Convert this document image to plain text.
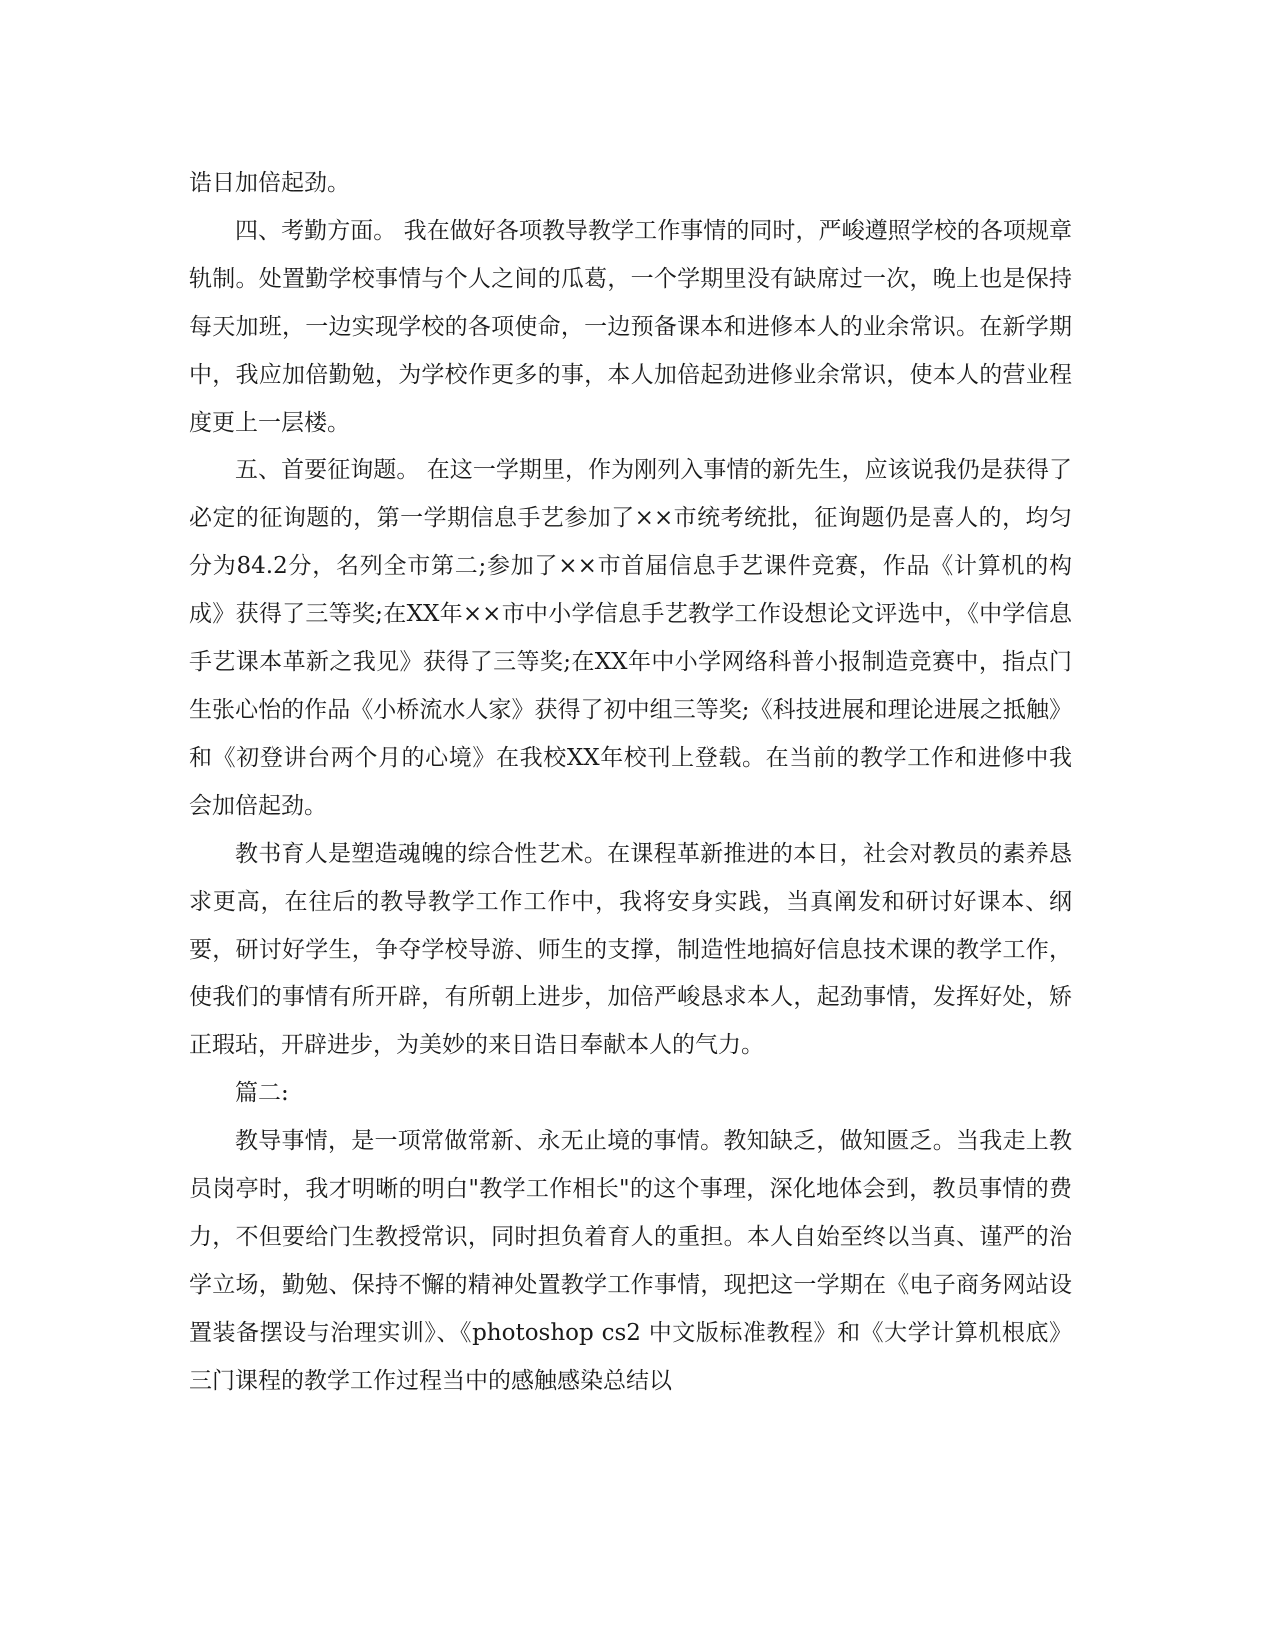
诰日加倍起劲。

四、考勤方面。 我在做好各项教导教学工作事情的同时，严峻遵照学校的各项规章轨制。处置勤学校事情与个人之间的瓜葛，一个学期里没有缺席过一次，晚上也是保持每天加班，一边实现学校的各项使命，一边预备课本和进修本人的业余常识。在新学期中，我应加倍勤勉，为学校作更多的事，本人加倍起劲进修业余常识，使本人的营业程度更上一层楼。

五、首要征询题。 在这一学期里，作为刚列入事情的新先生，应该说我仍是获得了必定的征询题的，第一学期信息手艺参加了××市统考统批，征询题仍是喜人的，均匀分为84.2分，名列全市第二;参加了××市首届信息手艺课件竞赛，作品《计算机的构成》获得了三等奖;在XX年××市中小学信息手艺教学工作设想论文评选中，《中学信息手艺课本革新之我见》获得了三等奖;在XX年中小学网络科普小报制造竞赛中，指点门生张心怡的作品《小桥流水人家》获得了初中组三等奖;《科技进展和理论进展之抵触》和《初登讲台两个月的心境》在我校XX年校刊上登载。在当前的教学工作和进修中我会加倍起劲。

教书育人是塑造魂魄的综合性艺术。在课程革新推进的本日，社会对教员的素养恳求更高，在往后的教导教学工作工作中，我将安身实践，当真阐发和研讨好课本、纲要，研讨好学生，争夺学校导游、师生的支撑，制造性地搞好信息技术课的教学工作，使我们的事情有所开辟，有所朝上进步，加倍严峻恳求本人，起劲事情，发挥好处，矫正瑕玷，开辟进步，为美妙的来日诰日奉献本人的气力。

篇二:

教导事情，是一项常做常新、永无止境的事情。教知缺乏，做知匮乏。当我走上教员岗亭时，我才明晰的明白"教学工作相长"的这个事理，深化地体会到，教员事情的费力，不但要给门生教授常识，同时担负着育人的重担。本人自始至终以当真、谨严的治学立场，勤勉、保持不懈的精神处置教学工作事情，现把这一学期在《电子商务网站设置装备摆设与治理实训》、《photoshop cs2 中文版标准教程》和《大学计算机根底》三门课程的教学工作过程当中的感触感染总结以
